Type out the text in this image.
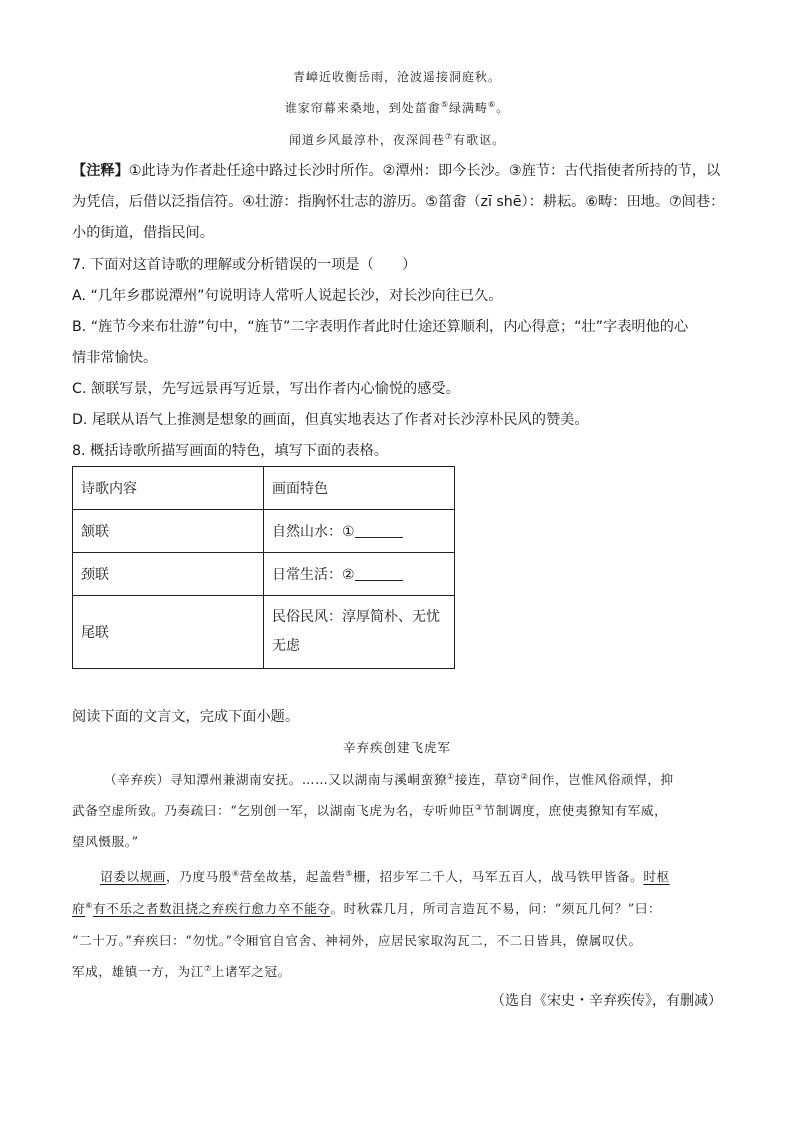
青嶂近收衡岳雨，沧波遥接洞庭秋。
谁家帘幕来桑地，到处菑畬⑤绿满畴⑥。
闻道乡风最淳朴，夜深闾巷⑦有歌讴。
【注释】①此诗为作者赴任途中路过长沙时所作。②潭州：即今长沙。③旌节：古代指使者所持的节，以
为凭信，后借以泛指信符。④壮游：指胸怀壮志的游历。⑤菑畬（zī shē）：耕耘。⑥畴：田地。⑦闾巷：
小的街道，借指民间。
7. 下面对这首诗歌的理解或分析错误的一项是（　　）
A. “几年乡郡说潭州”句说明诗人常听人说起长沙，对长沙向往已久。
B. “旌节今来布壮游”句中，“旌节”二字表明作者此时仕途还算顺利，内心得意；“壮”字表明他的心
情非常愉快。
C. 颔联写景，先写远景再写近景，写出作者内心愉悦的感受。
D. 尾联从语气上推测是想象的画面，但真实地表达了作者对长沙淳朴民风的赞美。
8. 概括诗歌所描写画面的特色，填写下面的表格。
诗歌内容	画面特色
颔联	自然山水：①
颈联	日常生活：②
尾联	民俗民风：淳厚简朴、无忧
无虑
阅读下面的文言文，完成下面小题。
辛弃疾创建飞虎军
（辛弃疾）寻知潭州兼湖南安抚。……又以湖南与溪峒蛮獠①接连，草窃②间作，岂惟风俗顽悍，抑
武备空虚所致。乃奏疏曰：“乞别创一军，以湖南飞虎为名，专听帅臣③节制调度，庶使夷獠知有军威，
望风慑服。”
诏委以规画，乃度马殷④营垒故基，起盖砦⑤栅，招步军二千人，马军五百人，战马铁甲皆备。时枢
府⑥有不乐之者数沮挠之弃疾行愈力卒不能夺。时秋霖几月，所司言造瓦不易，问：“须瓦几何？”曰：
“二十万。”弃疾曰：“勿忧。”令厢官自官舍、神祠外，应居民家取沟瓦二，不二日皆具，僚属叹伏。
军成，雄镇一方，为江⑦上诸军之冠。
（选自《宋史・辛弃疾传》，有删减）
